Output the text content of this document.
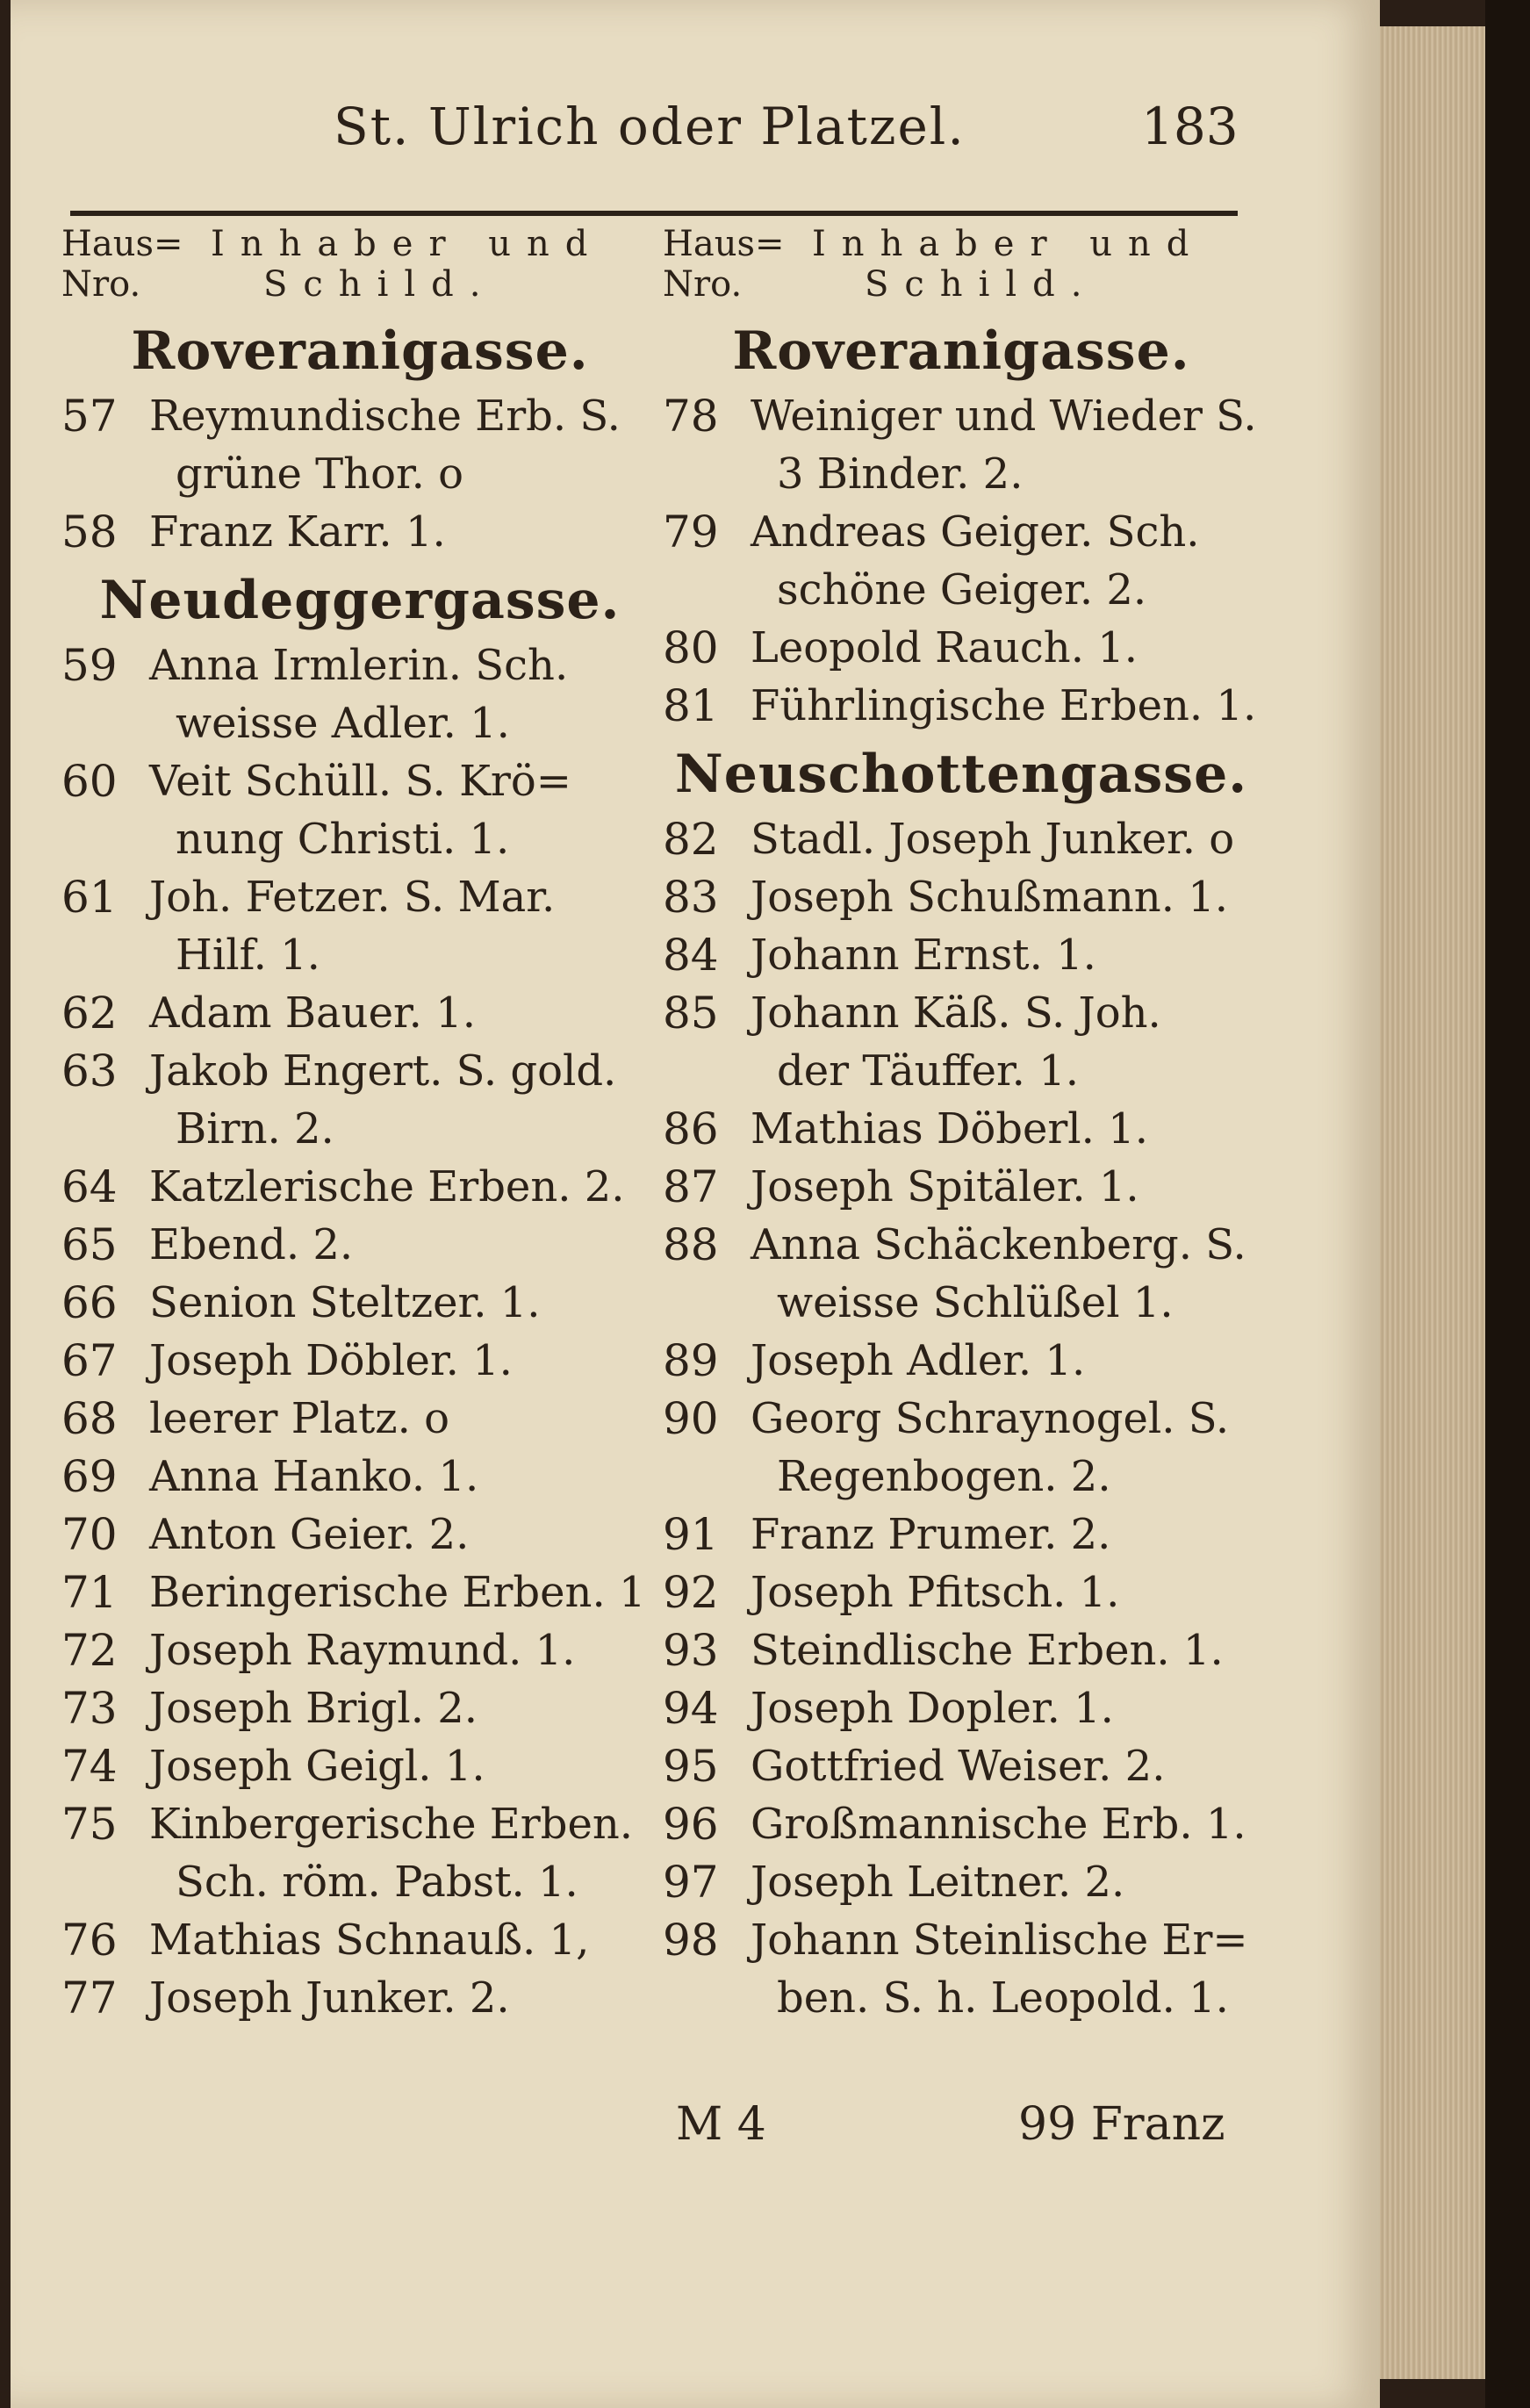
St. Ulrich oder Platzel.	183
Haus=
Nro.
Inhaber und
Schild.
Roveranigasse.
57 Reymundische Erb. S.
grüne Thor. o
58 Franz Karr. 1.
Neudeggergasse.
59 Anna Irmlerin. Sch.
weisse Adler. 1.
60 Veit Schüll. S. Krö=
nung Christi. 1.
61 Joh. Fetzer. S. Mar.
Hilf. 1.
62 Adam Bauer. 1.
63 Jakob Engert. S. gold.
Birn. 2.
64 Katzlerische Erben. 2.
65 Ebend. 2.
66 Senion Steltzer. 1.
67 Joseph Döbler. 1.
68 leerer Platz. o
69 Anna Hanko. 1.
70 Anton Geier. 2.
71 Beringerische Erben. 1
72 Joseph Raymund. 1.
73 Joseph Brigl. 2.
74 Joseph Geigl. 1.
75 Kinbergerische Erben.
Sch. röm. Pabst. 1.
76 Mathias Schnauß. 1,
77 Joseph Junker. 2.
Haus=
Nro.
Inhaber und
Schild.
Roveranigasse.
78 Weiniger und Wieder S.
3 Binder. 2.
79 Andreas Geiger. Sch.
schöne Geiger. 2.
80 Leopold Rauch. 1.
81 Führlingische Erben. 1.
Neuschottengasse.
82 Stadl. Joseph Junker. o
83 Joseph Schußmann. 1.
84 Johann Ernst. 1.
85 Johann Käß. S. Joh.
der Täuffer. 1.
86 Mathias Döberl. 1.
87 Joseph Spitäler. 1.
88 Anna Schäckenberg. S.
weisse Schlüßel 1.
89 Joseph Adler. 1.
90 Georg Schraynogel. S.
Regenbogen. 2.
91 Franz Prumer. 2.
92 Joseph Pfitsch. 1.
93 Steindlische Erben. 1.
94 Joseph Dopler. 1.
95 Gottfried Weiser. 2.
96 Großmannische Erb. 1.
97 Joseph Leitner. 2.
98 Johann Steinlische Er=
ben. S. h. Leopold. 1.
M 4	99 Franz
